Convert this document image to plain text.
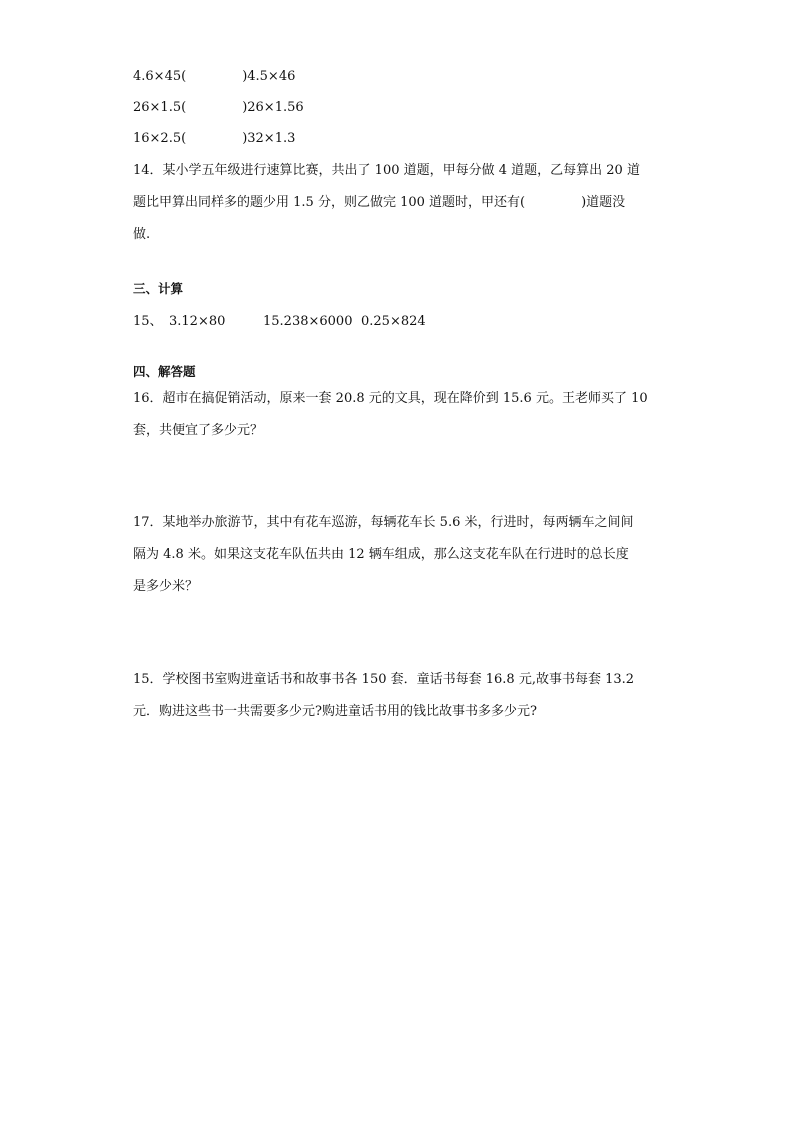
4.6×45(	)4.5×46
26×1.5(	)26×1.56
16×2.5(	)32×1.3
14．某小学五年级进行速算比赛，共出了 100 道题，甲每分做 4 道题，乙每算出 20 道
题比甲算出同样多的题少用 1.5 分，则乙做完 100 道题时，甲还有(	)道题没
做.
三、计算
15、 3.12×80	15.238×6000 0.25×824
四、解答题
16．超市在搞促销活动，原来一套 20.8 元的文具，现在降价到 15.6 元。王老师买了 10
套，共便宜了多少元？
17．某地举办旅游节，其中有花车巡游，每辆花车长 5.6 米，行进时，每两辆车之间间
隔为 4.8 米。如果这支花车队伍共由 12 辆车组成，那么这支花车队在行进时的总长度
是多少米？
15．学校图书室购进童话书和故事书各 150 套．童话书每套 16.8 元,故事书每套 13.2
元．购进这些书一共需要多少元?购进童话书用的钱比故事书多多少元?
